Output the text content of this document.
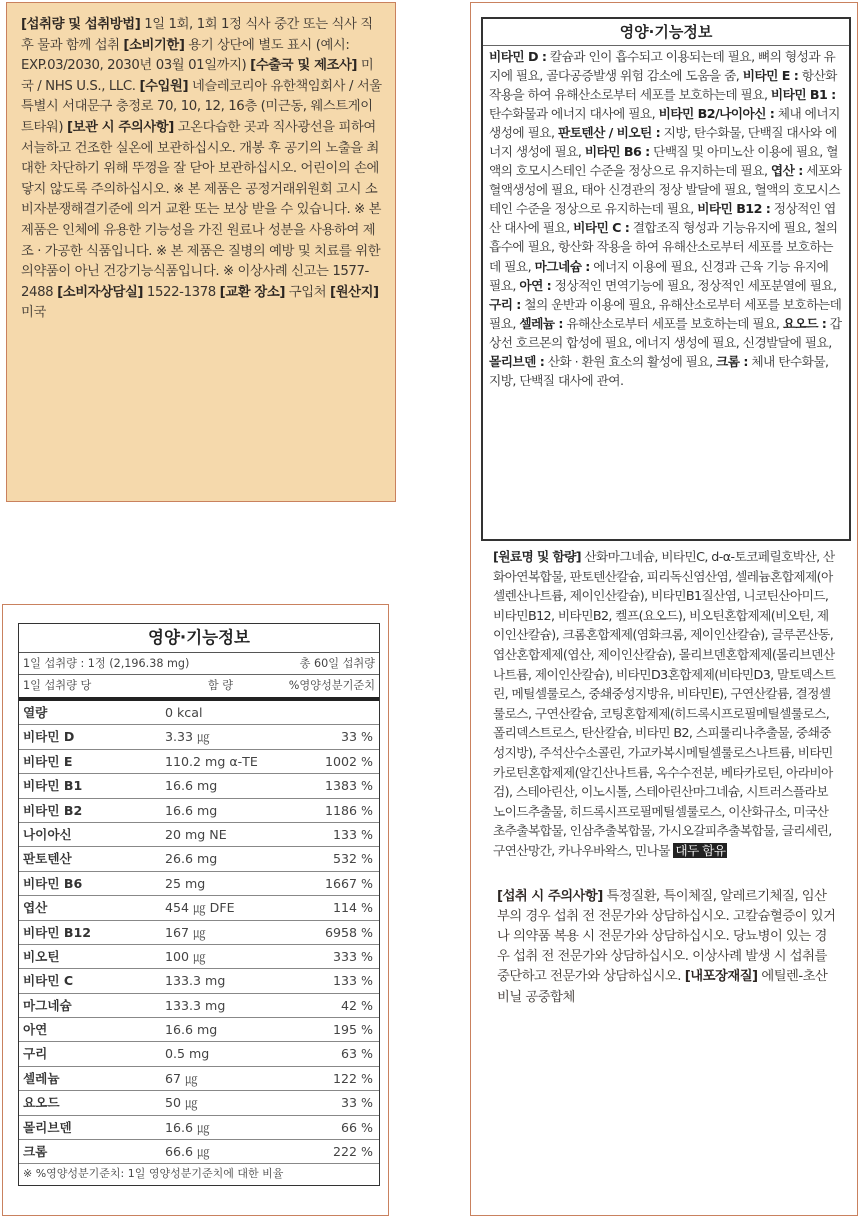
[섭취량 및 섭취방법] 1일 1회, 1회 1정 식사 중간 또는 식사 직후 물과 함께 섭취 [소비기한] 용기 상단에 별도 표시 (예시: EXP.03/2030, 2030년 03월 01일까지) [수출국 및 제조사] 미국 / NHS U.S., LLC. [수입원] 네슬레코리아 유한책임회사 / 서울특별시 서대문구 충정로 70, 10, 12, 16층 (미근동, 웨스트게이트타워) [보관 시 주의사항] 고온다습한 곳과 직사광선을 피하여 서늘하고 건조한 실온에 보관하십시오. 개봉 후 공기의 노출을 최대한 차단하기 위해 뚜껑을 잘 닫아 보관하십시오. 어린이의 손에 닿지 않도록 주의하십시오. ※ 본 제품은 공정거래위원회 고시 소비자분쟁해결기준에 의거 교환 또는 보상 받을 수 있습니다. ※ 본 제품은 인체에 유용한 기능성을 가진 원료나 성분을 사용하여 제조 · 가공한 식품입니다. ※ 본 제품은 질병의 예방 및 치료를 위한 의약품이 아닌 건강기능식품입니다. ※ 이상사례 신고는 1577-2488 [소비자상담실] 1522-1378 [교환 장소] 구입처 [원산지] 미국
영양·기능정보
1일 섭취량 : 1정 (2,196.38 mg)	총 60일 섭취량
1일 섭취량 당	함 량	%영양성분기준치
열량	0 kcal
비타민 D	3.33 ㎍	33 %
비타민 E	110.2 mg α-TE	1002 %
비타민 B1	16.6 mg	1383 %
비타민 B2	16.6 mg	1186 %
나이아신	20 mg NE	133 %
판토텐산	26.6 mg	532 %
비타민 B6	25 mg	1667 %
엽산	454 ㎍ DFE	114 %
비타민 B12	167 ㎍	6958 %
비오틴	100 ㎍	333 %
비타민 C	133.3 mg	133 %
마그네슘	133.3 mg	42 %
아연	16.6 mg	195 %
구리	0.5 mg	63 %
셀레늄	67 ㎍	122 %
요오드	50 ㎍	33 %
몰리브덴	16.6 ㎍	66 %
크롬	66.6 ㎍	222 %
※ %영양성분기준치: 1일 영양성분기준치에 대한 비율
영양·기능정보
비타민 D : 칼슘과 인이 흡수되고 이용되는데 필요, 뼈의 형성과 유지에 필요, 골다공증발생 위험 감소에 도움을 줌, 비타민 E : 항산화 작용을 하여 유해산소로부터 세포를 보호하는데 필요, 비타민 B1 : 탄수화물과 에너지 대사에 필요, 비타민 B2/나이아신 : 체내 에너지 생성에 필요, 판토텐산 / 비오틴 : 지방, 탄수화물, 단백질 대사와 에너지 생성에 필요, 비타민 B6 : 단백질 및 아미노산 이용에 필요, 혈액의 호모시스테인 수준을 정상으로 유지하는데 필요, 엽산 : 세포와 혈액생성에 필요, 태아 신경관의 정상 발달에 필요, 혈액의 호모시스테인 수준을 정상으로 유지하는데 필요, 비타민 B12 : 정상적인 엽산 대사에 필요, 비타민 C : 결합조직 형성과 기능유지에 필요, 철의 흡수에 필요, 항산화 작용을 하여 유해산소로부터 세포를 보호하는데 필요, 마그네슘 : 에너지 이용에 필요, 신경과 근육 기능 유지에 필요, 아연 : 정상적인 면역기능에 필요, 정상적인 세포분열에 필요, 구리 : 철의 운반과 이용에 필요, 유해산소로부터 세포를 보호하는데 필요, 셀레늄 : 유해산소로부터 세포를 보호하는데 필요, 요오드 : 갑상선 호르몬의 합성에 필요, 에너지 생성에 필요, 신경발달에 필요, 몰리브덴 : 산화 · 환원 효소의 활성에 필요, 크롬 : 체내 탄수화물, 지방, 단백질 대사에 관여.
[원료명 및 함량] 산화마그네슘, 비타민C, d-α-토코페릴호박산, 산화아연복합물, 판토텐산칼슘, 피리독신염산염, 셀레늄혼합제제(아셀렌산나트륨, 제이인산칼슘), 비타민B1질산염, 니코틴산아미드, 비타민B12, 비타민B2, 켈프(요오드), 비오틴혼합제제(비오틴, 제이인산칼슘), 크롬혼합제제(염화크롬, 제이인산칼슘), 글루콘산동, 엽산혼합제제(엽산, 제이인산칼슘), 몰리브덴혼합제제(몰리브덴산나트륨, 제이인산칼슘), 비타민D3혼합제제(비타민D3, 말토덱스트린, 메틸셀룰로스, 중쇄중성지방유, 비타민E), 구연산칼륨, 결정셀룰로스, 구연산칼슘, 코팅혼합제제(히드록시프로필메틸셀룰로스, 폴리덱스트로스, 탄산칼슘, 비타민 B2, 스피룰리나추출물, 중쇄중성지방), 주석산수소콜린, 가교카복시메틸셀룰로스나트륨, 비타민카로틴혼합제제(알긴산나트륨, 옥수수전분, 베타카로틴, 아라비아검), 스테아린산, 이노시톨, 스테아린산마그네슘, 시트러스플라보노이드추출물, 히드록시프로필메틸셀룰로스, 이산화규소, 미국산초추출복합물, 인삼추출복합물, 가시오갈피추출복합물, 글리세린, 구연산망간, 카나우바왁스, 민나물 대두 함유
[섭취 시 주의사항] 특정질환, 특이체질, 알레르기체질, 임산부의 경우 섭취 전 전문가와 상담하십시오. 고칼슘혈증이 있거나 의약품 복용 시 전문가와 상담하십시오. 당뇨병이 있는 경우 섭취 전 전문가와 상담하십시오. 이상사례 발생 시 섭취를 중단하고 전문가와 상담하십시오. [내포장재질] 에틸렌-초산비닐 공중합체
